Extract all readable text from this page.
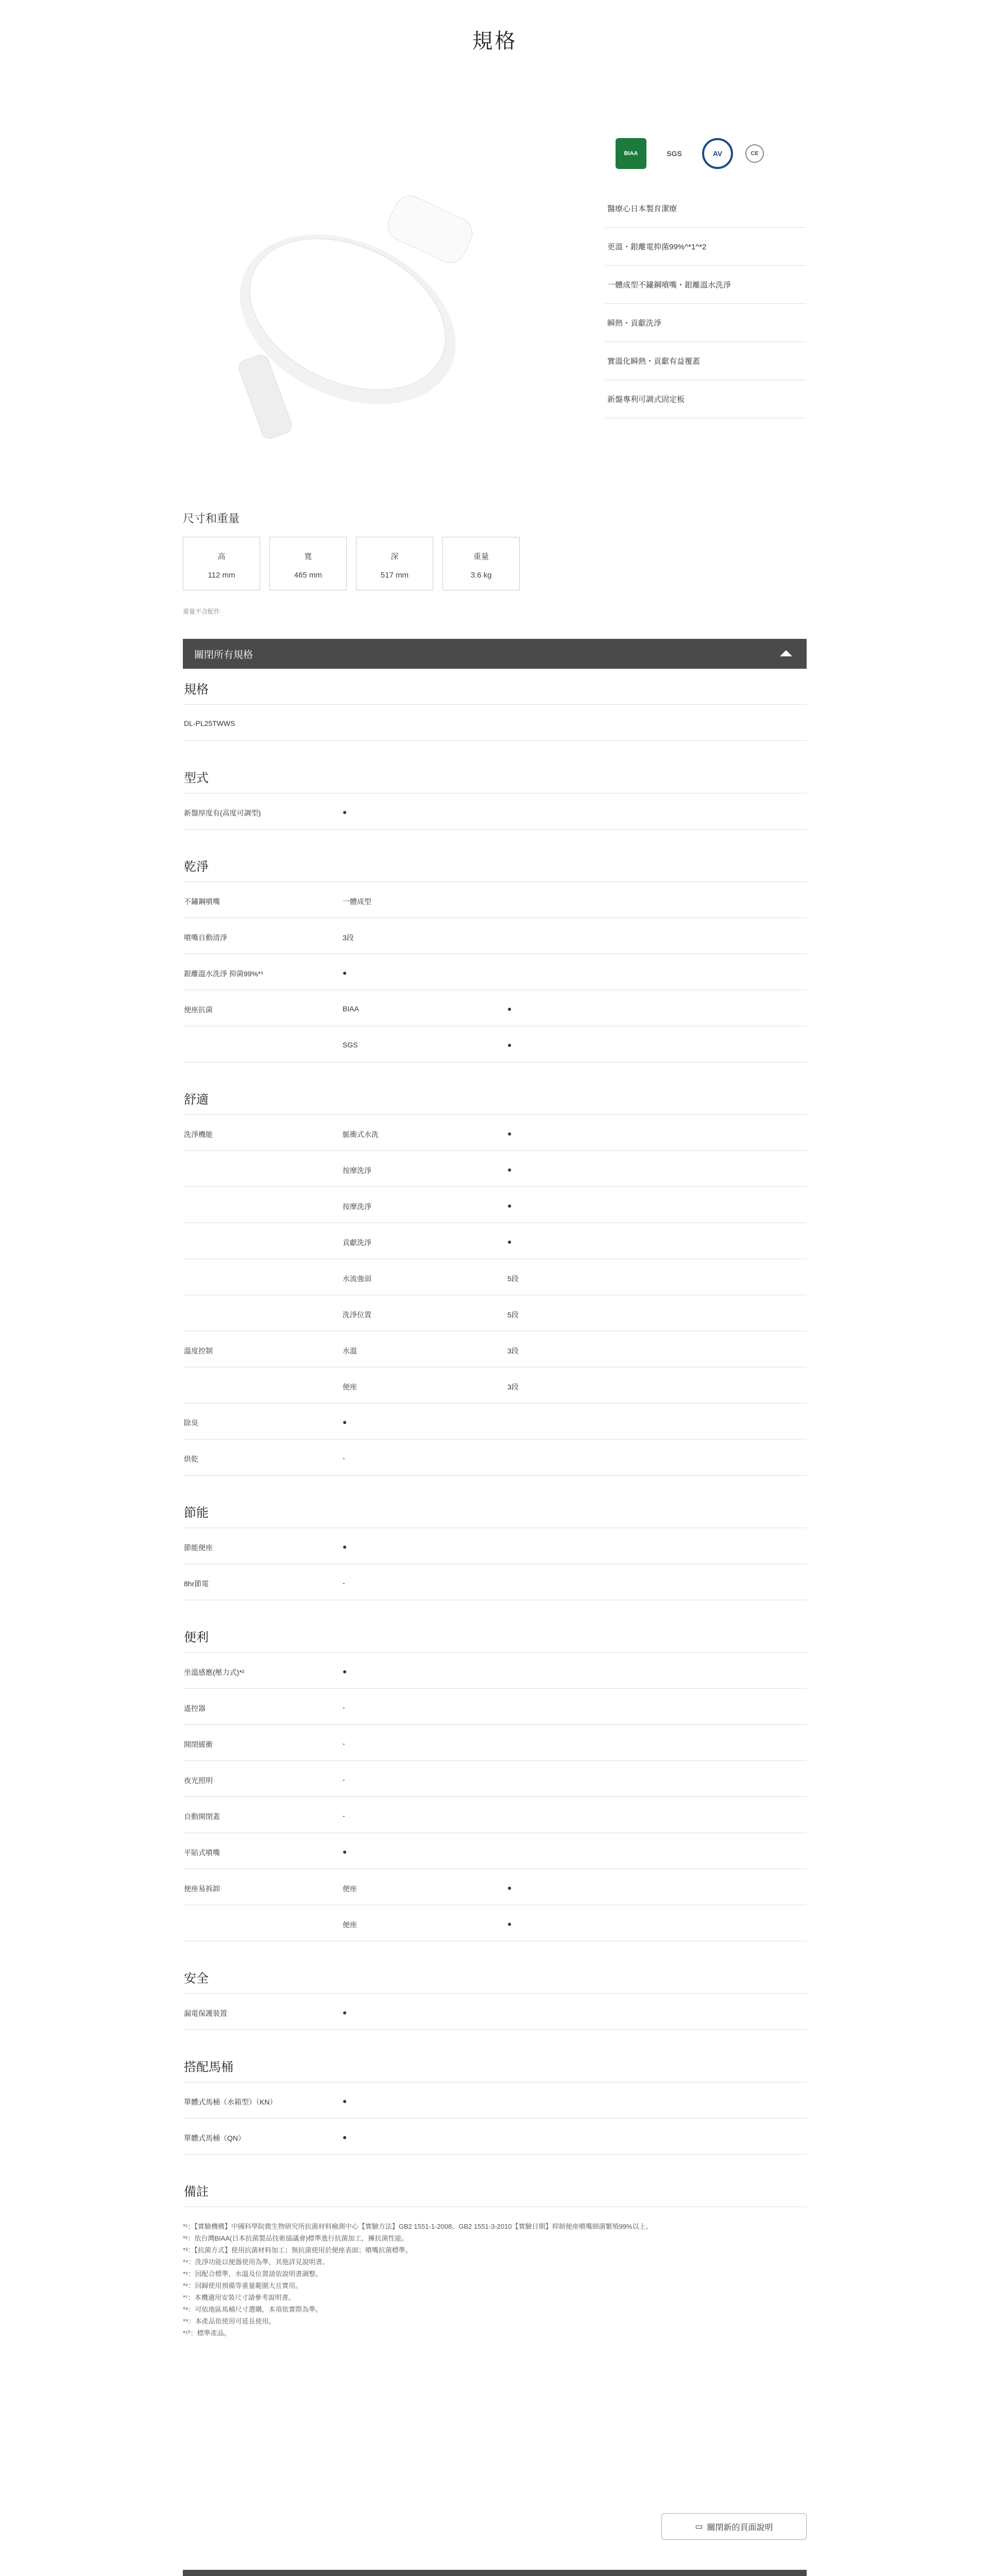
規格
BIAA	SGS	AV	CE
醫療心日本製育潔療
更溫・銀離電抑菌99%^*1^*2
一體成型不鏽鋼噴嘴・銀離溫水洗淨
瞬熱・貢獻洗淨
實溫化瞬熱・貢獻有益覆蓋
新盤專利可調式固定板
尺寸和重量
高
112 mm
寬
465 mm
深
517 mm
重量
3.6 kg
重量不含配件
關閉所有規格
規格
DL-PL25TWWS
型式
新盤厚度有(高度可調型)	●
乾淨
不鏽鋼噴嘴	一體成型
噴嘴自動清淨	3段
銀離溫水洗淨 抑菌99%*¹	●
便座抗菌	BIAA	●
SGS	●
舒適
洗淨機能	脈衝式水洗	●
按摩洗淨	●
按摩洗淨	●
貢獻洗淨	●
水流強弱	5段
洗淨位置	5段
溫度控制	水溫	3段
便座	3段
除臭	●
烘乾	-
節能
節能便座	●
8hr節電	-
便利
坐溫感應(壓力式)*²	●
遙控器	-
開閉緩衝	-
夜光照明	-
自動開閉蓋	-
平貼式噴嘴	●
便座易拆卸	便座	●
便座	●
安全
漏電保護裝置	●
搭配馬桶
單體式馬桶（水箱型）（KN）	●
單體式馬桶（QN）	●
備註
*¹：【實驗機構】中國科學院微生物研究所抗菌材料檢測中心【實驗方法】GB2 1551-1-2008、GB2 1551-3-2010【實驗日期】抑制便座噴嘴細菌繁殖99%以上。
*²：依台灣BIAA(日本抗菌製品技術協議會)標準進行抗菌加工，擁抗菌性能。
*³：【抗菌方式】使用抗菌材料加工；無抗菌使用於便座表面；噴嘴抗菌標準。
*⁴：洗淨功能以便器使用為準，其他詳見說明書。
*⁵：因配合標準，水溫及位置請依說明書調整。
*⁶：回歸使用預備等重量範圍大且實用。
*⁷：本機適用安裝尺寸請參考說明書。
*⁸：可依地區馬桶尺寸選購，本項依實際為準。
*⁹：本產品依使用可延長使用。
*¹⁰：標準產品。
▭ 關閉新的頁面說明
